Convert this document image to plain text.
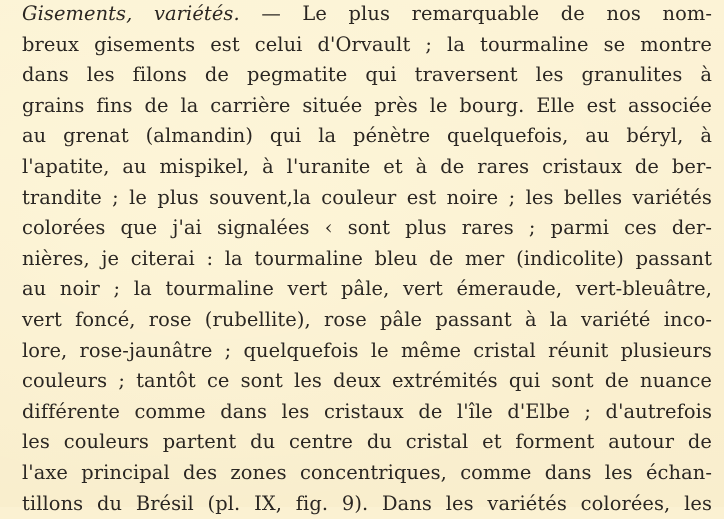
Gisements, variétés. — Le plus remarquable de nos nom-
breux gisements est celui d'Orvault ; la tourmaline se montre
dans les filons de pegmatite qui traversent les granulites à
grains fins de la carrière située près le bourg. Elle est associée
au grenat (almandin) qui la pénètre quelquefois, au béryl, à
l'apatite, au mispikel, à l'uranite et à de rares cristaux de ber-
trandite ; le plus souvent,la couleur est noire ; les belles variétés
colorées que j'ai signalées ‹ sont plus rares ; parmi ces der-
nières, je citerai : la tourmaline bleu de mer (indicolite) passant
au noir ; la tourmaline vert pâle, vert émeraude, vert-bleuâtre,
vert foncé, rose (rubellite), rose pâle passant à la variété inco-
lore, rose-jaunâtre ; quelquefois le même cristal réunit plusieurs
couleurs ; tantôt ce sont les deux extrémités qui sont de nuance
différente comme dans les cristaux de l'île d'Elbe ; d'autrefois
les couleurs partent du centre du cristal et forment autour de
l'axe principal des zones concentriques, comme dans les échan-
tillons du Brésil (pl. IX, fig. 9). Dans les variétés colorées, les
